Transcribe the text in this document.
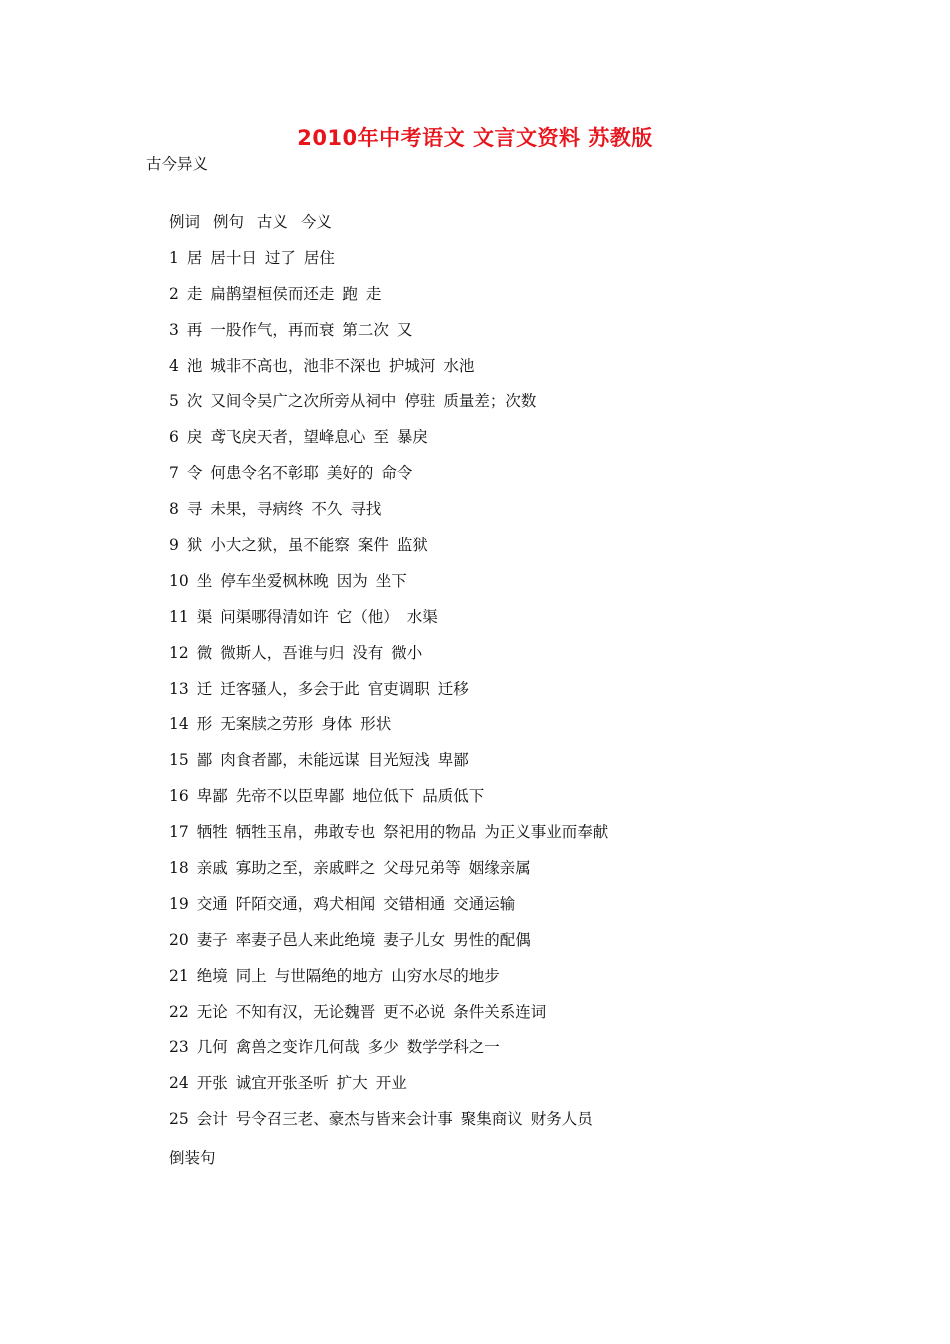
2010年中考语文 文言文资料 苏教版
古今异义
例词 例句 古义 今义
1 居 居十日 过了 居住
2 走 扁鹊望桓侯而还走 跑 走
3 再 一股作气，再而衰 第二次 又
4 池 城非不高也，池非不深也 护城河 水池
5 次 又间令吴广之次所旁从祠中 停驻 质量差；次数
6 戾 鸢飞戾天者，望峰息心 至 暴戾
7 令 何患令名不彰耶 美好的 命令
8 寻 未果，寻病终 不久 寻找
9 狱 小大之狱，虽不能察 案件 监狱
10 坐 停车坐爱枫林晚 因为 坐下
11 渠 问渠哪得清如许 它（他） 水渠
12 微 微斯人，吾谁与归 没有 微小
13 迁 迁客骚人，多会于此 官吏调职 迁移
14 形 无案牍之劳形 身体 形状
15 鄙 肉食者鄙，未能远谋 目光短浅 卑鄙
16 卑鄙 先帝不以臣卑鄙 地位低下 品质低下
17 牺牲 牺牲玉帛，弗敢专也 祭祀用的物品 为正义事业而奉献
18 亲戚 寡助之至，亲戚畔之 父母兄弟等 姻缘亲属
19 交通 阡陌交通，鸡犬相闻 交错相通 交通运输
20 妻子 率妻子邑人来此绝境 妻子儿女 男性的配偶
21 绝境 同上 与世隔绝的地方 山穷水尽的地步
22 无论 不知有汉，无论魏晋 更不必说 条件关系连词
23 几何 禽兽之变诈几何哉 多少 数学学科之一
24 开张 诚宜开张圣听 扩大 开业
25 会计 号令召三老、豪杰与皆来会计事 聚集商议 财务人员
倒装句
